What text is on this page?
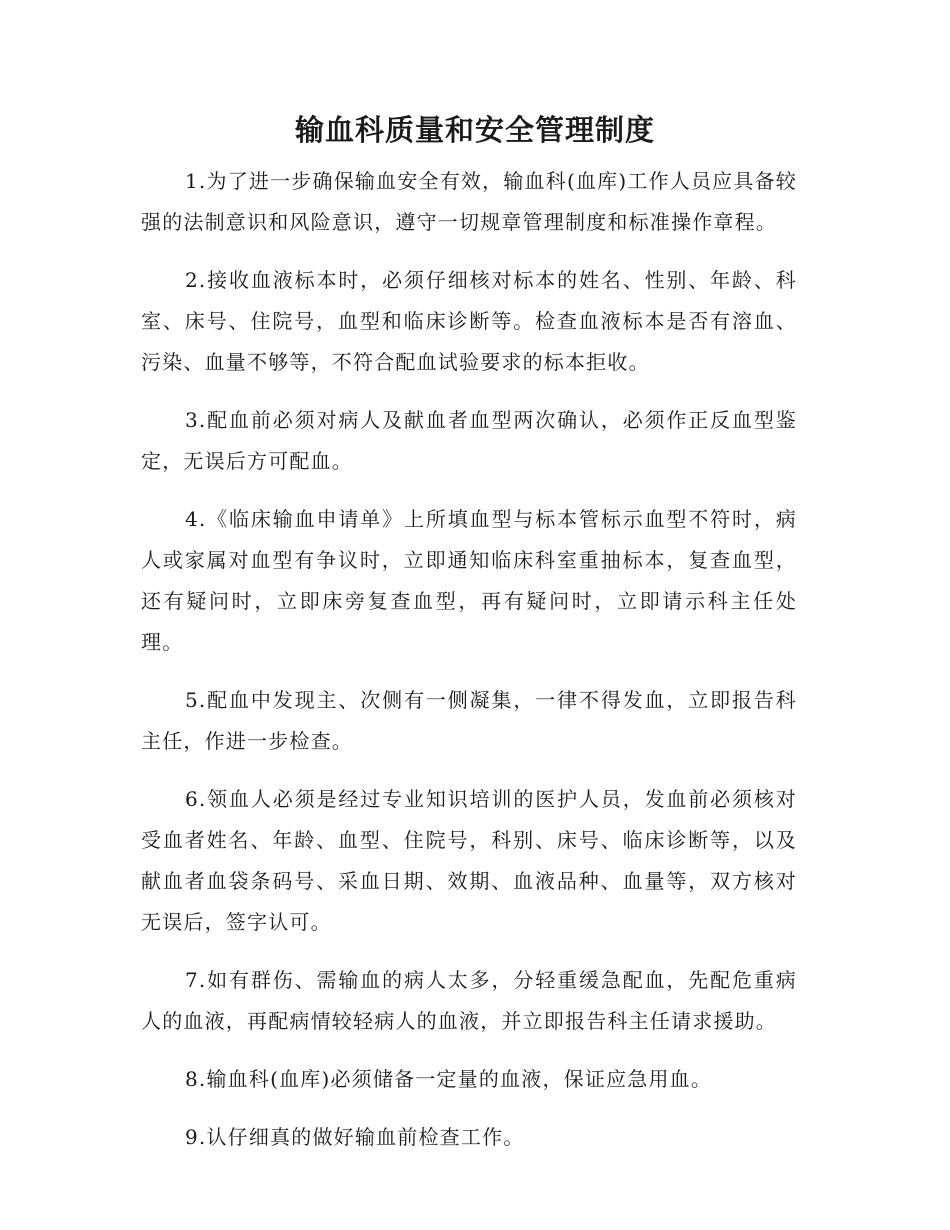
输血科质量和安全管理制度

1.为了进一步确保输血安全有效，输血科(血库)工作人员应具备较强的法制意识和风险意识，遵守一切规章管理制度和标准操作章程。

2.接收血液标本时，必须仔细核对标本的姓名、性别、年龄、科室、床号、住院号，血型和临床诊断等。检查血液标本是否有溶血、污染、血量不够等，不符合配血试验要求的标本拒收。

3.配血前必须对病人及献血者血型两次确认，必须作正反血型鉴定，无误后方可配血。

4.《临床输血申请单》上所填血型与标本管标示血型不符时，病人或家属对血型有争议时，立即通知临床科室重抽标本，复查血型，还有疑问时，立即床旁复查血型，再有疑问时，立即请示科主任处理。

5.配血中发现主、次侧有一侧凝集，一律不得发血，立即报告科主任，作进一步检查。

6.领血人必须是经过专业知识培训的医护人员，发血前必须核对受血者姓名、年龄、血型、住院号，科别、床号、临床诊断等，以及献血者血袋条码号、采血日期、效期、血液品种、血量等，双方核对无误后，签字认可。

7.如有群伤、需输血的病人太多，分轻重缓急配血，先配危重病人的血液，再配病情较轻病人的血液，并立即报告科主任请求援助。

8.输血科(血库)必须储备一定量的血液，保证应急用血。

9.认仔细真的做好输血前检查工作。
